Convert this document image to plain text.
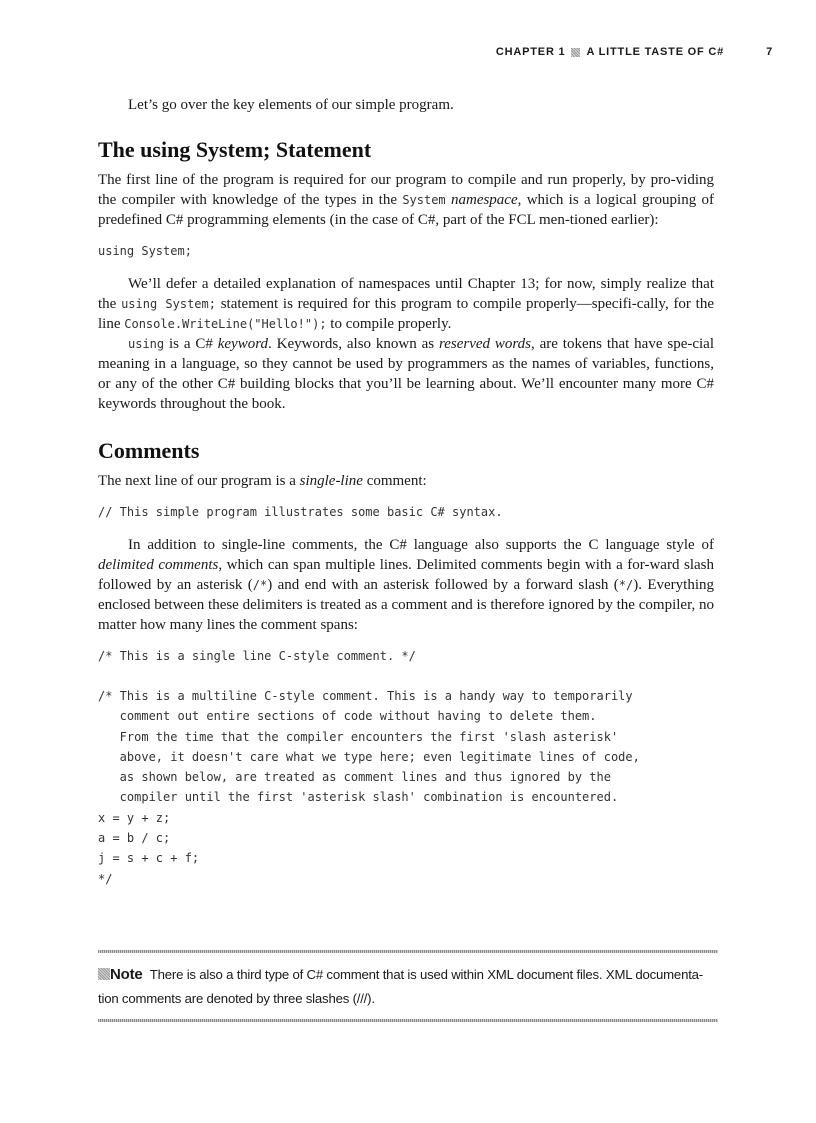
CHAPTER 1 A LITTLE TASTE OF C#	7

Let’s go over the key elements of our simple program.

The using System; Statement

The first line of the program is required for our program to compile and run properly, by pro-viding the compiler with knowledge of the types in the System namespace, which is a logical grouping of predefined C# programming elements (in the case of C#, part of the FCL men-tioned earlier):

using System;

We’ll defer a detailed explanation of namespaces until Chapter 13; for now, simply realize that the using System; statement is required for this program to compile properly—specifi-cally, for the line Console.WriteLine("Hello!"); to compile properly.

using is a C# keyword. Keywords, also known as reserved words, are tokens that have spe-cial meaning in a language, so they cannot be used by programmers as the names of variables, functions, or any of the other C# building blocks that you’ll be learning about. We’ll encounter many more C# keywords throughout the book.

Comments

The next line of our program is a single-line comment:

// This simple program illustrates some basic C# syntax.

In addition to single-line comments, the C# language also supports the C language style of delimited comments, which can span multiple lines. Delimited comments begin with a for-ward slash followed by an asterisk (/*) and end with an asterisk followed by a forward slash (*/). Everything enclosed between these delimiters is treated as a comment and is therefore ignored by the compiler, no matter how many lines the comment spans:

/* This is a single line C-style comment. */
/* This is a multiline C-style comment. This is a handy way to temporarily
comment out entire sections of code without having to delete them.
From the time that the compiler encounters the first 'slash asterisk'
above, it doesn't care what we type here; even legitimate lines of code,
as shown below, are treated as comment lines and thus ignored by the
compiler until the first 'asterisk slash' combination is encountered.
x = y + z;
a = b / c;
j = s + c + f;
*/
Note There is also a third type of C# comment that is used within XML document files. XML documenta-tion comments are denoted by three slashes (///).
